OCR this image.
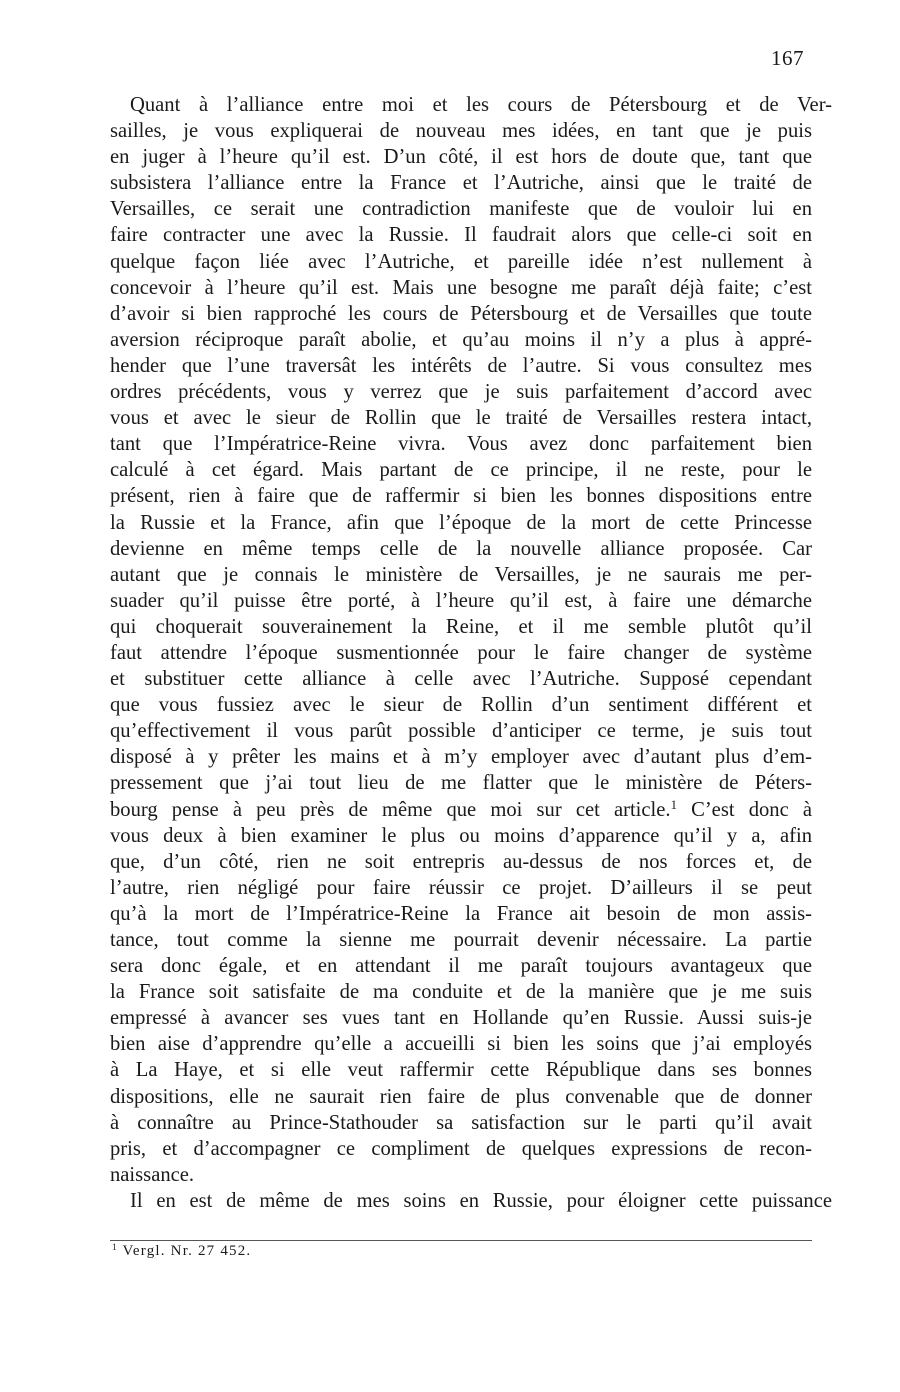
167
Quant à l’alliance entre moi et les cours de Pétersbourg et de Ver-
sailles, je vous expliquerai de nouveau mes idées, en tant que je puis
en juger à l’heure qu’il est. D’un côté, il est hors de doute que, tant que
subsistera l’alliance entre la France et l’Autriche, ainsi que le traité de
Versailles, ce serait une contradiction manifeste que de vouloir lui en
faire contracter une avec la Russie. Il faudrait alors que celle-ci soit en
quelque façon liée avec l’Autriche, et pareille idée n’est nullement à
concevoir à l’heure qu’il est. Mais une besogne me paraît déjà faite; c’est
d’avoir si bien rapproché les cours de Pétersbourg et de Versailles que toute
aversion réciproque paraît abolie, et qu’au moins il n’y a plus à appré-
hender que l’une traversât les intérêts de l’autre. Si vous consultez mes
ordres précédents, vous y verrez que je suis parfaitement d’accord avec
vous et avec le sieur de Rollin que le traité de Versailles restera intact,
tant que l’Impératrice-Reine vivra. Vous avez donc parfaitement bien
calculé à cet égard. Mais partant de ce principe, il ne reste, pour le
présent, rien à faire que de raffermir si bien les bonnes dispositions entre
la Russie et la France, afin que l’époque de la mort de cette Princesse
devienne en même temps celle de la nouvelle alliance proposée. Car
autant que je connais le ministère de Versailles, je ne saurais me per-
suader qu’il puisse être porté, à l’heure qu’il est, à faire une démarche
qui choquerait souverainement la Reine, et il me semble plutôt qu’il
faut attendre l’époque susmentionnée pour le faire changer de système
et substituer cette alliance à celle avec l’Autriche. Supposé cependant
que vous fussiez avec le sieur de Rollin d’un sentiment différent et
qu’effectivement il vous parût possible d’anticiper ce terme, je suis tout
disposé à y prêter les mains et à m’y employer avec d’autant plus d’em-
pressement que j’ai tout lieu de me flatter que le ministère de Péters-
bourg pense à peu près de même que moi sur cet article.$^1$ C’est donc à
vous deux à bien examiner le plus ou moins d’apparence qu’il y a, afin
que, d’un côté, rien ne soit entrepris au-dessus de nos forces et, de
l’autre, rien négligé pour faire réussir ce projet. D’ailleurs il se peut
qu’à la mort de l’Impératrice-Reine la France ait besoin de mon assis-
tance, tout comme la sienne me pourrait devenir nécessaire. La partie
sera donc égale, et en attendant il me paraît toujours avantageux que
la France soit satisfaite de ma conduite et de la manière que je me suis
empressé à avancer ses vues tant en Hollande qu’en Russie. Aussi suis-je
bien aise d’apprendre qu’elle a accueilli si bien les soins que j’ai employés
à La Haye, et si elle veut raffermir cette République dans ses bonnes
dispositions, elle ne saurait rien faire de plus convenable que de donner
à connaître au Prince-Stathouder sa satisfaction sur le parti qu’il avait
pris, et d’accompagner ce compliment de quelques expressions de recon-
naissance.
Il en est de même de mes soins en Russie, pour éloigner cette puissance
$^1$ Vergl. Nr. 27 452.
